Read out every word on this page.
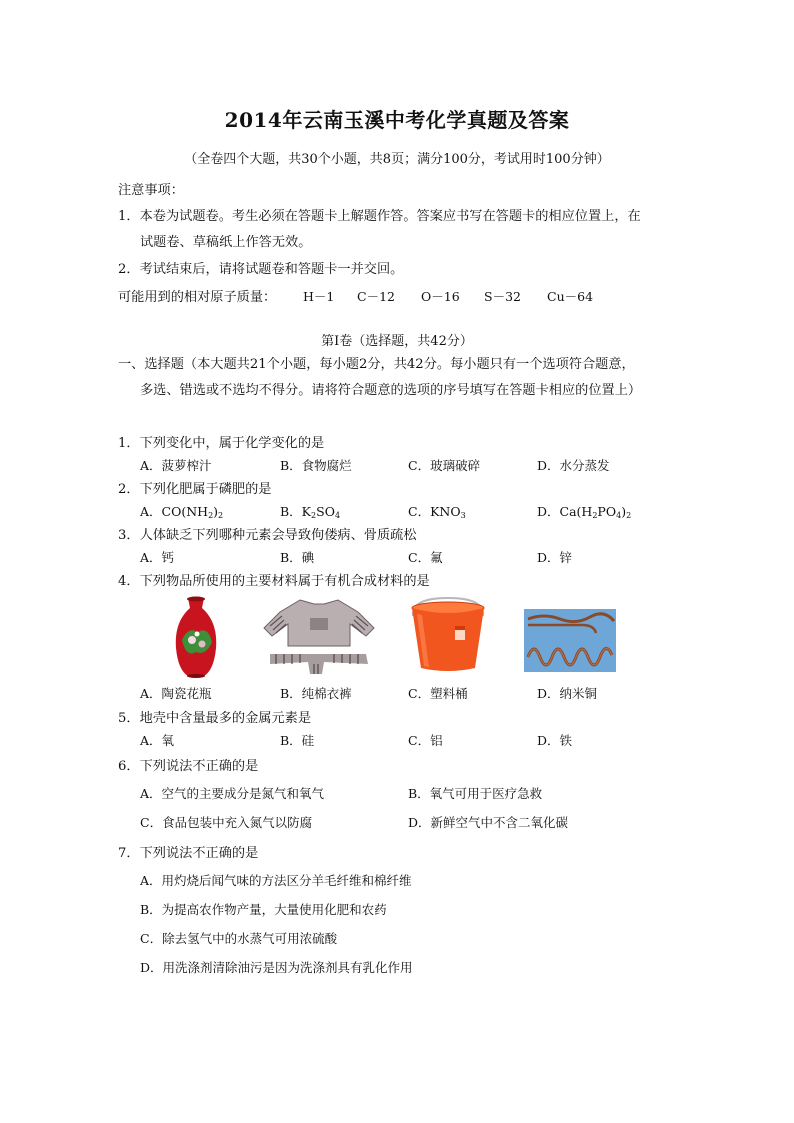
2014年云南玉溪中考化学真题及答案
（全卷四个大题，共30个小题，共8页；满分100分，考试用时100分钟）
注意事项：
1．本卷为试题卷。考生必须在答题卡上解题作答。答案应书写在答题卡的相应位置上，在
试题卷、草稿纸上作答无效。
2．考试结束后，请将试题卷和答题卡一并交回。
可能用到的相对原子质量： H－1 C－12 O－16 S－32 Cu－64
第Ⅰ卷（选择题，共42分）
一、选择题（本大题共21个小题，每小题2分，共42分。每小题只有一个选项符合题意，
多选、错选或不选均不得分。请将符合题意的选项的序号填写在答题卡相应的位置上）
1．下列变化中，属于化学变化的是
A．菠萝榨汁	B．食物腐烂	C．玻璃破碎	D．水分蒸发
2．下列化肥属于磷肥的是
A．$CO(NH_2)_2$	B．$K_2SO_4$	C．$KNO_3$	D．$Ca(H_2PO_4)_2$
3．人体缺乏下列哪种元素会导致佝偻病、骨质疏松
A．钙	B．碘	C．氟	D．锌
4．下列物品所使用的主要材料属于有机合成材料的是
A．陶瓷花瓶	B．纯棉衣裤	C．塑料桶	D．纳米铜
5．地壳中含量最多的金属元素是
A．氧	B．硅	C．铝	D．铁
6．下列说法不正确的是
A．空气的主要成分是氮气和氧气	B．氧气可用于医疗急救
C．食品包装中充入氮气以防腐	D．新鲜空气中不含二氧化碳
7．下列说法不正确的是
A．用灼烧后闻气味的方法区分羊毛纤维和棉纤维
B．为提高农作物产量，大量使用化肥和农药
C．除去氢气中的水蒸气可用浓硫酸
D．用洗涤剂清除油污是因为洗涤剂具有乳化作用
